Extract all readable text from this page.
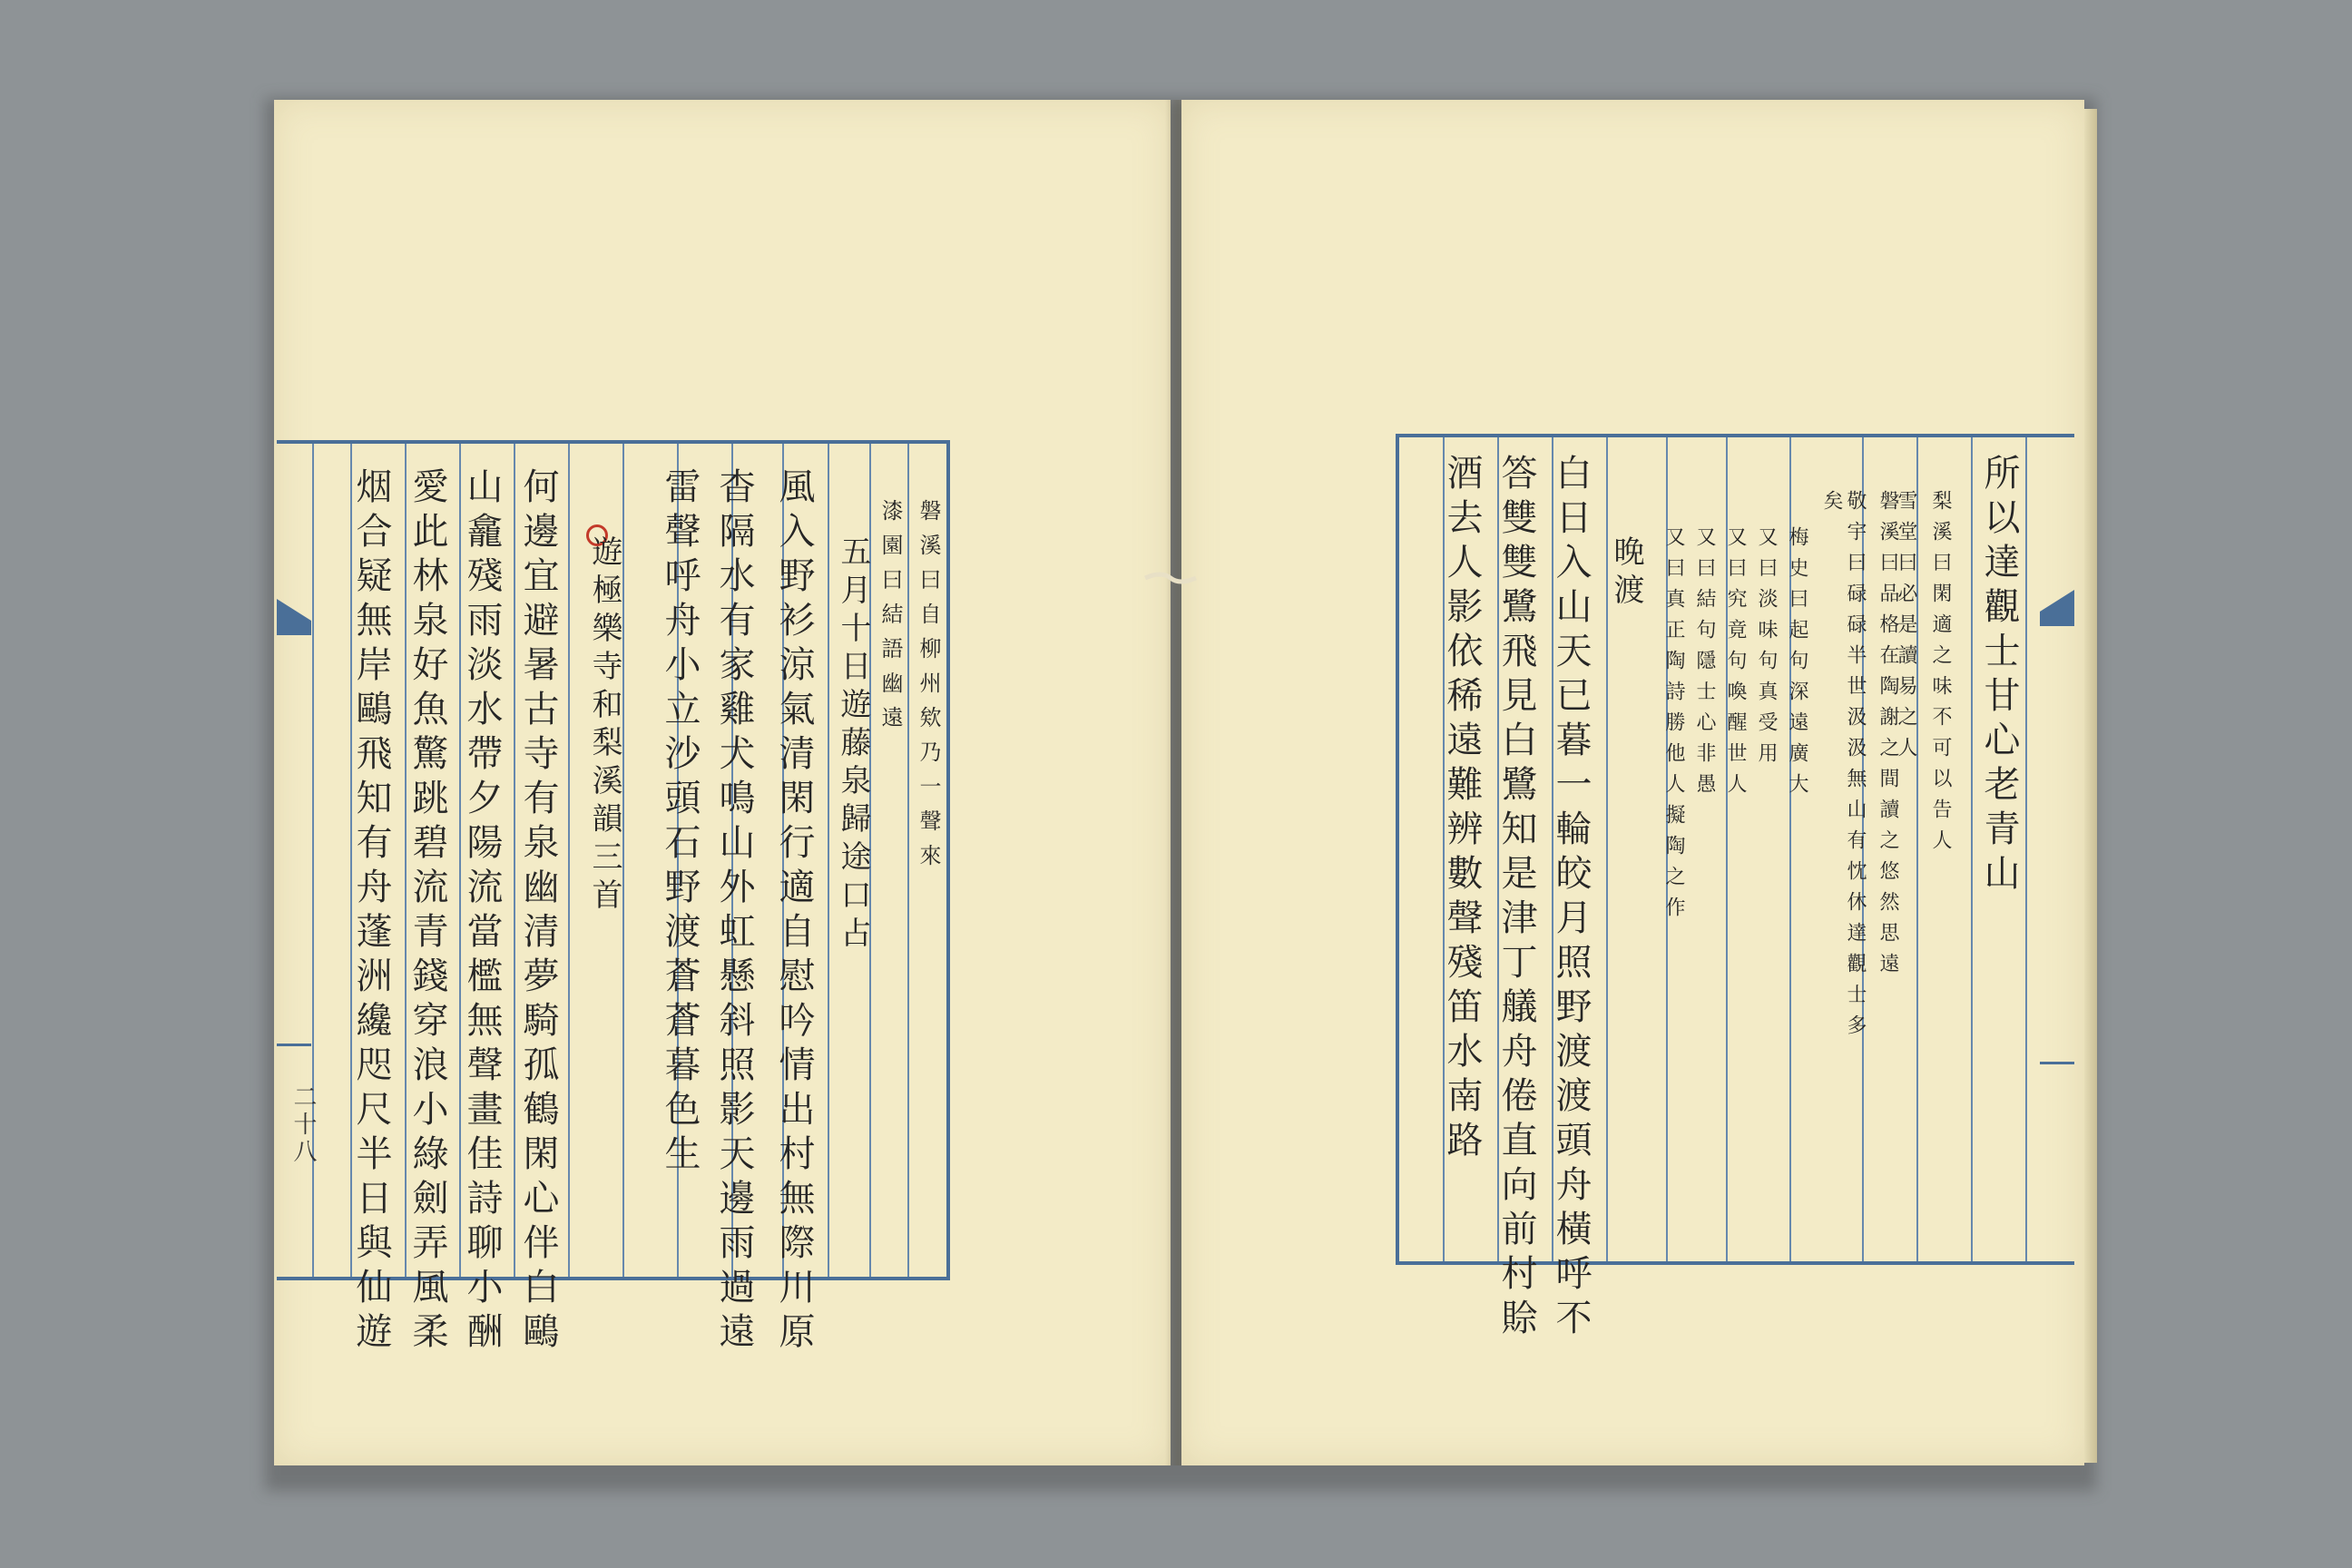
二十八
磐溪曰自柳州欸乃一聲來
漆園曰結語幽遠
五月十日遊藤泉歸途口占
風入野衫涼氣清閑行適自慰吟情出村無際川原
杳隔水有家雞犬鳴山外虹懸斜照影天邊雨過遠
雷聲呼舟小立沙頭石野渡蒼蒼暮色生
遊極樂寺和梨溪韻三首
何邊宜避暑古寺有泉幽清夢騎孤鶴閑心伴白鷗
山龕殘雨淡水帶夕陽流當檻無聲畫佳詩聊小酬
愛此林泉好魚驚跳碧流青錢穿浪小綠劍弄風柔
烟合疑無岸鷗飛知有舟蓬洲纔咫尺半日與仙遊	所以達觀士甘心老青山
梨溪曰閑適之味不可以告人
雪堂曰必是讀易之人
磐溪曰品格在陶謝之間讀之悠然思遠
敬宇曰碌碌半世汲汲無山有忱休達觀士多
矣
梅史曰起句深遠廣大
又曰淡味句真受用
又曰究竟句喚醒世人
又曰結句隱士心非愚
又曰真正陶詩勝他人擬陶之作
晚渡
白日入山天已暮一輪皎月照野渡渡頭舟橫呼不
答雙雙鷺飛見白鷺知是津丁艤舟倦直向前村賒
酒去人影依稀遠難辨數聲殘笛水南路
